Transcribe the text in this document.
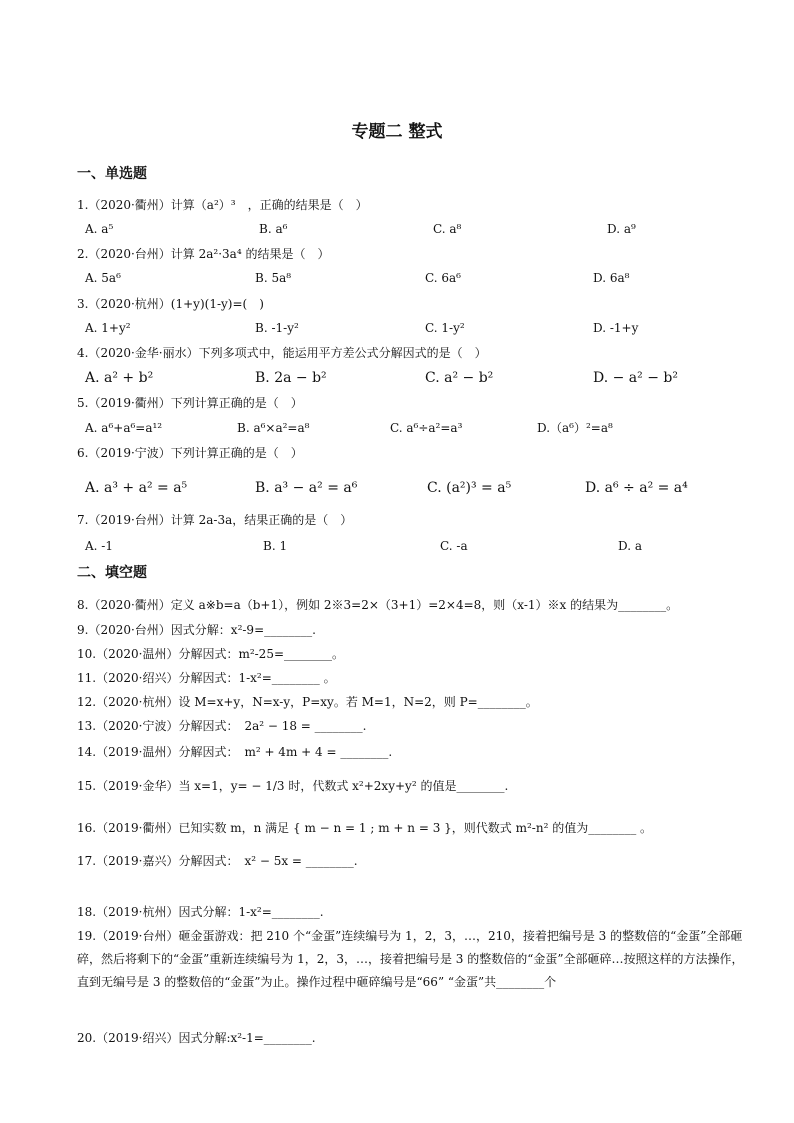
专题二 整式
一、单选题
1.（2020·衢州）计算（a²）³　，正确的结果是（　）
A. a⁵	B. a⁶	C. a⁸	D. a⁹
2.（2020·台州）计算 2a²·3a⁴ 的结果是（　）
A. 5a⁶	B. 5a⁸	C. 6a⁶	D. 6a⁸
3.（2020·杭州）(1+y)(1-y)=(　)
A. 1+y²	B. -1-y²	C. 1-y²	D. -1+y
4.（2020·金华·丽水）下列多项式中，能运用平方差公式分解因式的是（　）
A. a² + b²	B. 2a − b²	C. a² − b²	D. − a² − b²
5.（2019·衢州）下列计算正确的是（　）
A. a⁶+a⁶=a¹²	B. a⁶×a²=a⁸	C. a⁶÷a²=a³	D.（a⁶）²=a⁸
6.（2019·宁波）下列计算正确的是（　）
A. a³ + a² = a⁵	B. a³ − a² = a⁶	C. (a²)³ = a⁵	D. a⁶ ÷ a² = a⁴
7.（2019·台州）计算 2a-3a，结果正确的是（　）
A. -1	B. 1	C. -a	D. a
二、填空题
8.（2020·衢州）定义 a※b=a（b+1），例如 2※3=2×（3+1）=2×4=8，则（x-1）※x 的结果为________。
9.（2020·台州）因式分解：x²-9=________.
10.（2020·温州）分解因式：m²-25=________。
11.（2020·绍兴）分解因式：1-x²=________ 。
12.（2020·杭州）设 M=x+y，N=x-y，P=xy。若 M=1，N=2，则 P=________。
13.（2020·宁波）分解因式：　2a² − 18 = ________.
14.（2019·温州）分解因式：　m² + 4m + 4 = ________.
15.（2019·金华）当 x=1，y= − 1/3 时，代数式 x²+2xy+y² 的值是________.
16.（2019·衢州）已知实数 m，n 满足 { m − n = 1 ; m + n = 3 }，则代数式 m²-n² 的值为________ 。
17.（2019·嘉兴）分解因式：　x² − 5x = ________.
18.（2019·杭州）因式分解：1-x²=________.
19.（2019·台州）砸金蛋游戏：把 210 个“金蛋”连续编号为 1，2，3，…，210，接着把编号是 3 的整数倍的“金蛋”全部砸碎，然后将剩下的“金蛋”重新连续编号为 1，2，3，…，接着把编号是 3 的整数倍的“金蛋”全部砸碎…按照这样的方法操作，直到无编号是 3 的整数倍的“金蛋”为止。操作过程中砸碎编号是“66” “金蛋”共________个
20.（2019·绍兴）因式分解:x²-1=________.
